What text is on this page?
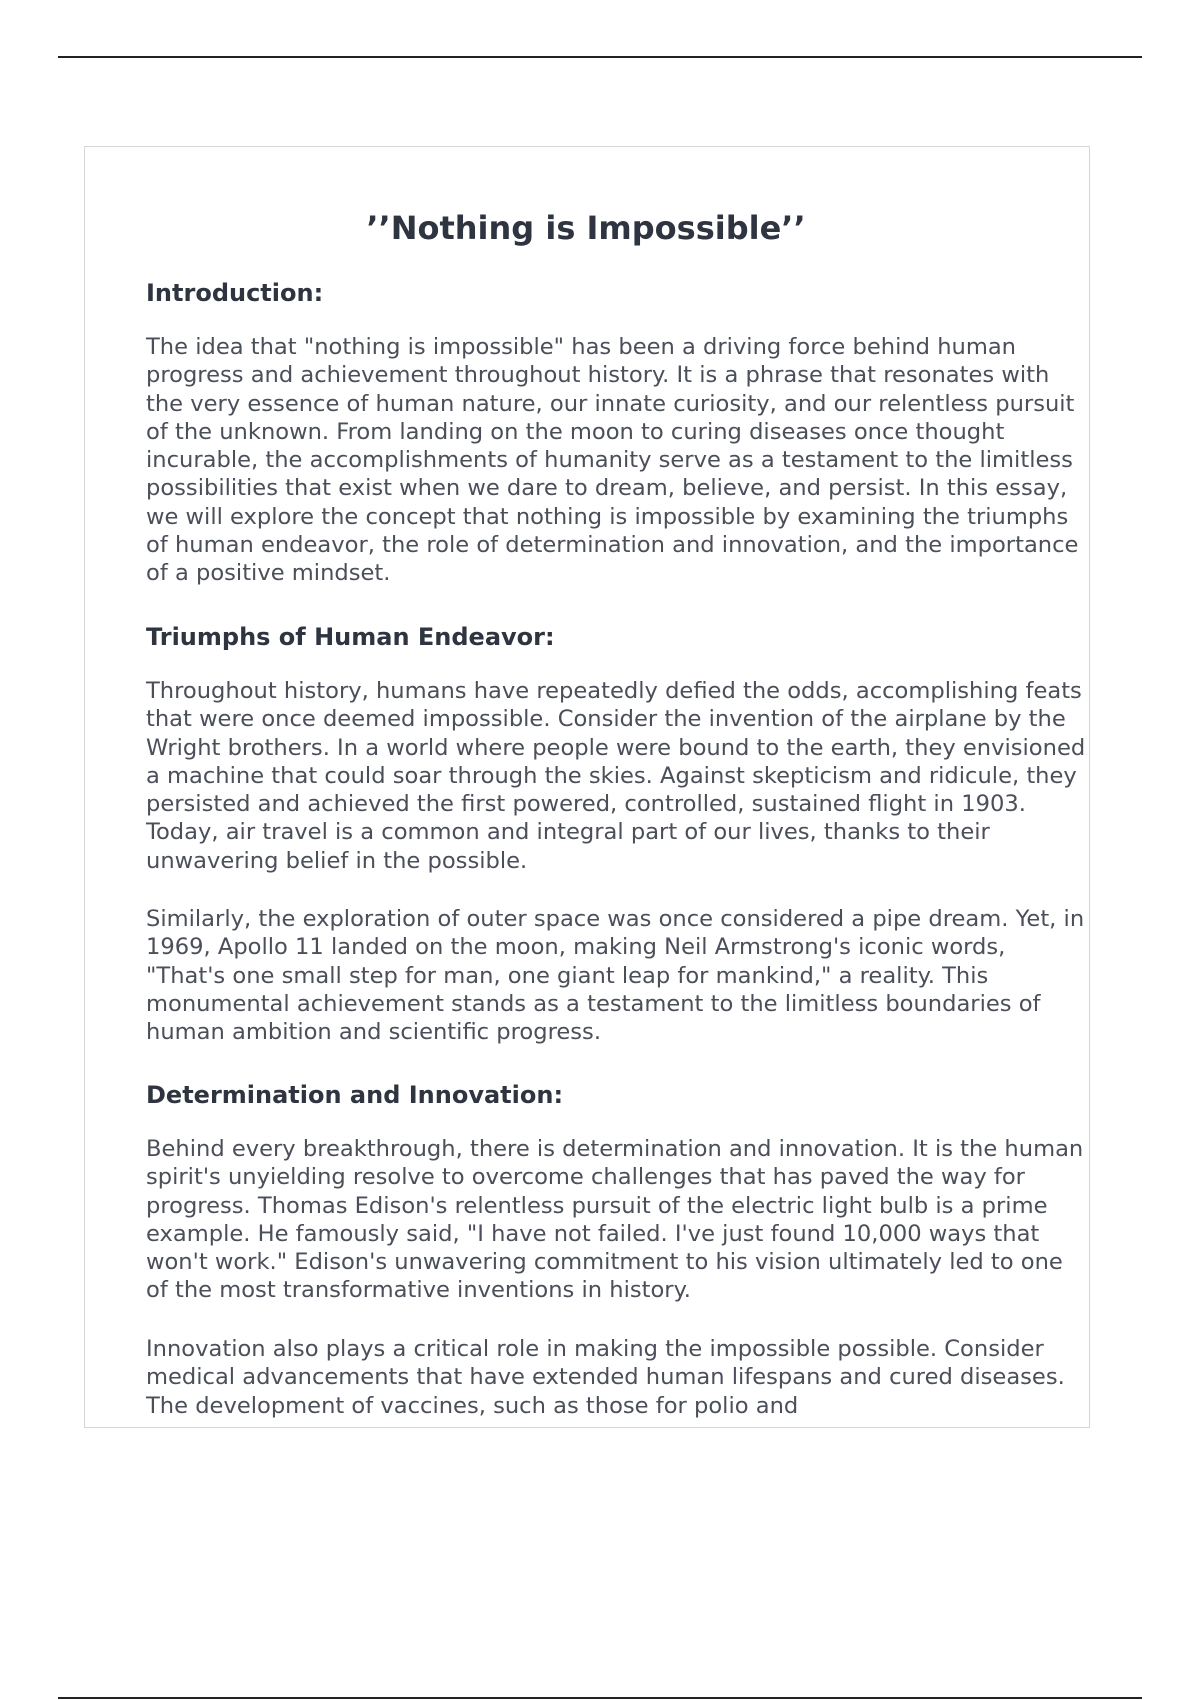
’’Nothing is Impossible’’
Introduction:

The idea that "nothing is impossible" has been a driving force behind human progress and achievement throughout history. It is a phrase that resonates with the very essence of human nature, our innate curiosity, and our relentless pursuit of the unknown. From landing on the moon to curing diseases once thought incurable, the accomplishments of humanity serve as a testament to the limitless possibilities that exist when we dare to dream, believe, and persist. In this essay, we will explore the concept that nothing is impossible by examining the triumphs of human endeavor, the role of determination and innovation, and the importance of a positive mindset.

Triumphs of Human Endeavor:

Throughout history, humans have repeatedly defied the odds, accomplishing feats that were once deemed impossible. Consider the invention of the airplane by the Wright brothers. In a world where people were bound to the earth, they envisioned a machine that could soar through the skies. Against skepticism and ridicule, they persisted and achieved the first powered, controlled, sustained flight in 1903. Today, air travel is a common and integral part of our lives, thanks to their unwavering belief in the possible.

Similarly, the exploration of outer space was once considered a pipe dream. Yet, in 1969, Apollo 11 landed on the moon, making Neil Armstrong's iconic words, "That's one small step for man, one giant leap for mankind," a reality. This monumental achievement stands as a testament to the limitless boundaries of human ambition and scientific progress.

Determination and Innovation:

Behind every breakthrough, there is determination and innovation. It is the human spirit's unyielding resolve to overcome challenges that has paved the way for progress. Thomas Edison's relentless pursuit of the electric light bulb is a prime example. He famously said, "I have not failed. I've just found 10,000 ways that won't work." Edison's unwavering commitment to his vision ultimately led to one of the most transformative inventions in history.

Innovation also plays a critical role in making the impossible possible. Consider medical advancements that have extended human lifespans and cured diseases. The development of vaccines, such as those for polio and
